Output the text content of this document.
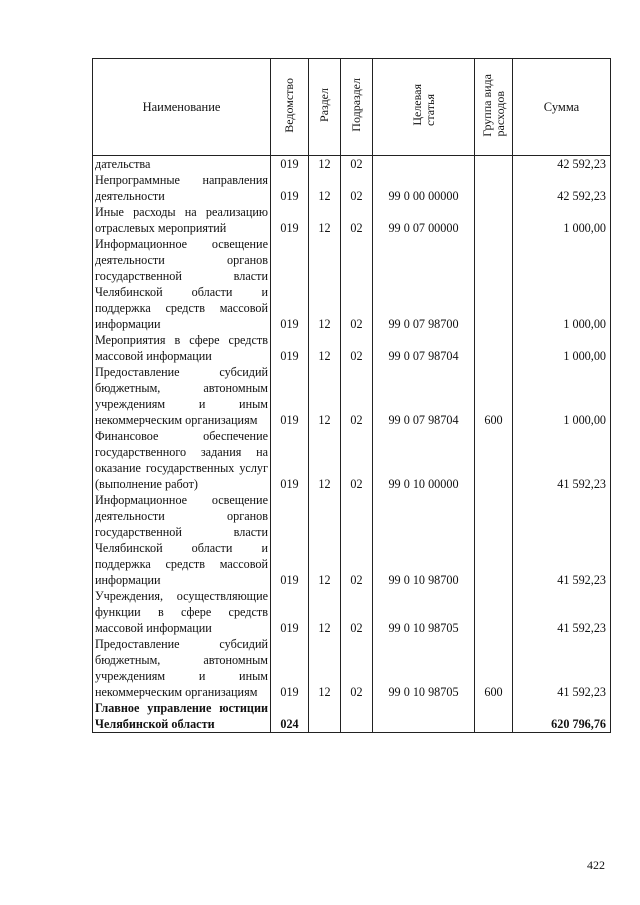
Наименование	Ведомство	Раздел	Подраздел	Целеваястатья	Группа видарасходов	Сумма
дательства	019	12	02			42 592,23
Непрограммные направления деятельности	019	12	02	99 0 00 00000		42 592,23
Иные расходы на реализацию отраслевых мероприятий	019	12	02	99 0 07 00000		1 000,00
Информационное освещение деятельности органов государственной власти Челябинской области и поддержка средств массовой информации	019	12	02	99 0 07 98700		1 000,00
Мероприятия в сфере средств массовой информации	019	12	02	99 0 07 98704		1 000,00
Предоставление субсидий бюджетным, автономным учреждениям и иным некоммерческим организациям	019	12	02	99 0 07 98704	600	1 000,00
Финансовое обеспечение государственного задания на оказание государственных услуг (выполнение работ)	019	12	02	99 0 10 00000		41 592,23
Информационное освещение деятельности органов государственной власти Челябинской области и поддержка средств массовой информации	019	12	02	99 0 10 98700		41 592,23
Учреждения, осуществляющие функции в сфере средств массовой информации	019	12	02	99 0 10 98705		41 592,23
Предоставление субсидий бюджетным, автономным учреждениям и иным некоммерческим организациям	019	12	02	99 0 10 98705	600	41 592,23
Главное управление юстиции Челябинской области	024					620 796,76
422
